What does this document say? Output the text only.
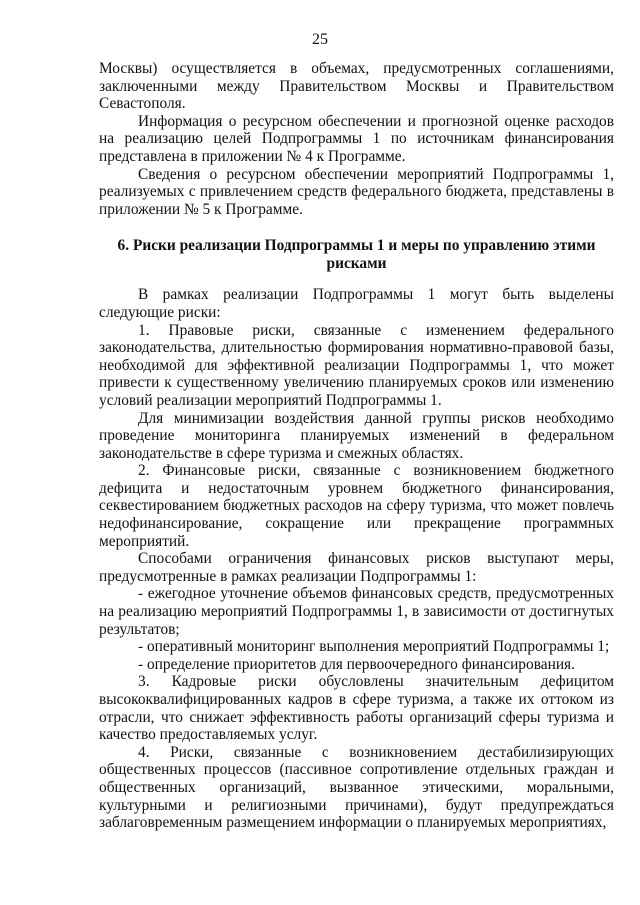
25

Москвы) осуществляется в объемах, предусмотренных соглашениями, заключенными между Правительством Москвы и Правительством Севастополя.

Информация о ресурсном обеспечении и прогнозной оценке расходов на реализацию целей Подпрограммы 1 по источникам финансирования представлена в приложении № 4 к Программе.

Сведения о ресурсном обеспечении мероприятий Подпрограммы 1, реализуемых с привлечением средств федерального бюджета, представлены в приложении № 5 к Программе.

6. Риски реализации Подпрограммы 1 и меры по управлению этими рисками

В рамках реализации Подпрограммы 1 могут быть выделены следующие риски:

1. Правовые риски, связанные с изменением федерального законодательства, длительностью формирования нормативно-правовой базы, необходимой для эффективной реализации Подпрограммы 1, что может привести к существенному увеличению планируемых сроков или изменению условий реализации мероприятий Подпрограммы 1.

Для минимизации воздействия данной группы рисков необходимо проведение мониторинга планируемых изменений в федеральном законодательстве в сфере туризма и смежных областях.

2. Финансовые риски, связанные с возникновением бюджетного дефицита и недостаточным уровнем бюджетного финансирования, секвестированием бюджетных расходов на сферу туризма, что может повлечь недофинансирование, сокращение или прекращение программных мероприятий.

Способами ограничения финансовых рисков выступают меры, предусмотренные в рамках реализации Подпрограммы 1:

- ежегодное уточнение объемов финансовых средств, предусмотренных на реализацию мероприятий Подпрограммы 1, в зависимости от достигнутых результатов;

- оперативный мониторинг выполнения мероприятий Подпрограммы 1;

- определение приоритетов для первоочередного финансирования.

3. Кадровые риски обусловлены значительным дефицитом высококвалифицированных кадров в сфере туризма, а также их оттоком из отрасли, что снижает эффективность работы организаций сферы туризма и качество предоставляемых услуг.

4. Риски, связанные с возникновением дестабилизирующих общественных процессов (пассивное сопротивление отдельных граждан и общественных организаций, вызванное этическими, моральными, культурными и религиозными причинами), будут предупреждаться заблаговременным размещением информации о планируемых мероприятиях,
